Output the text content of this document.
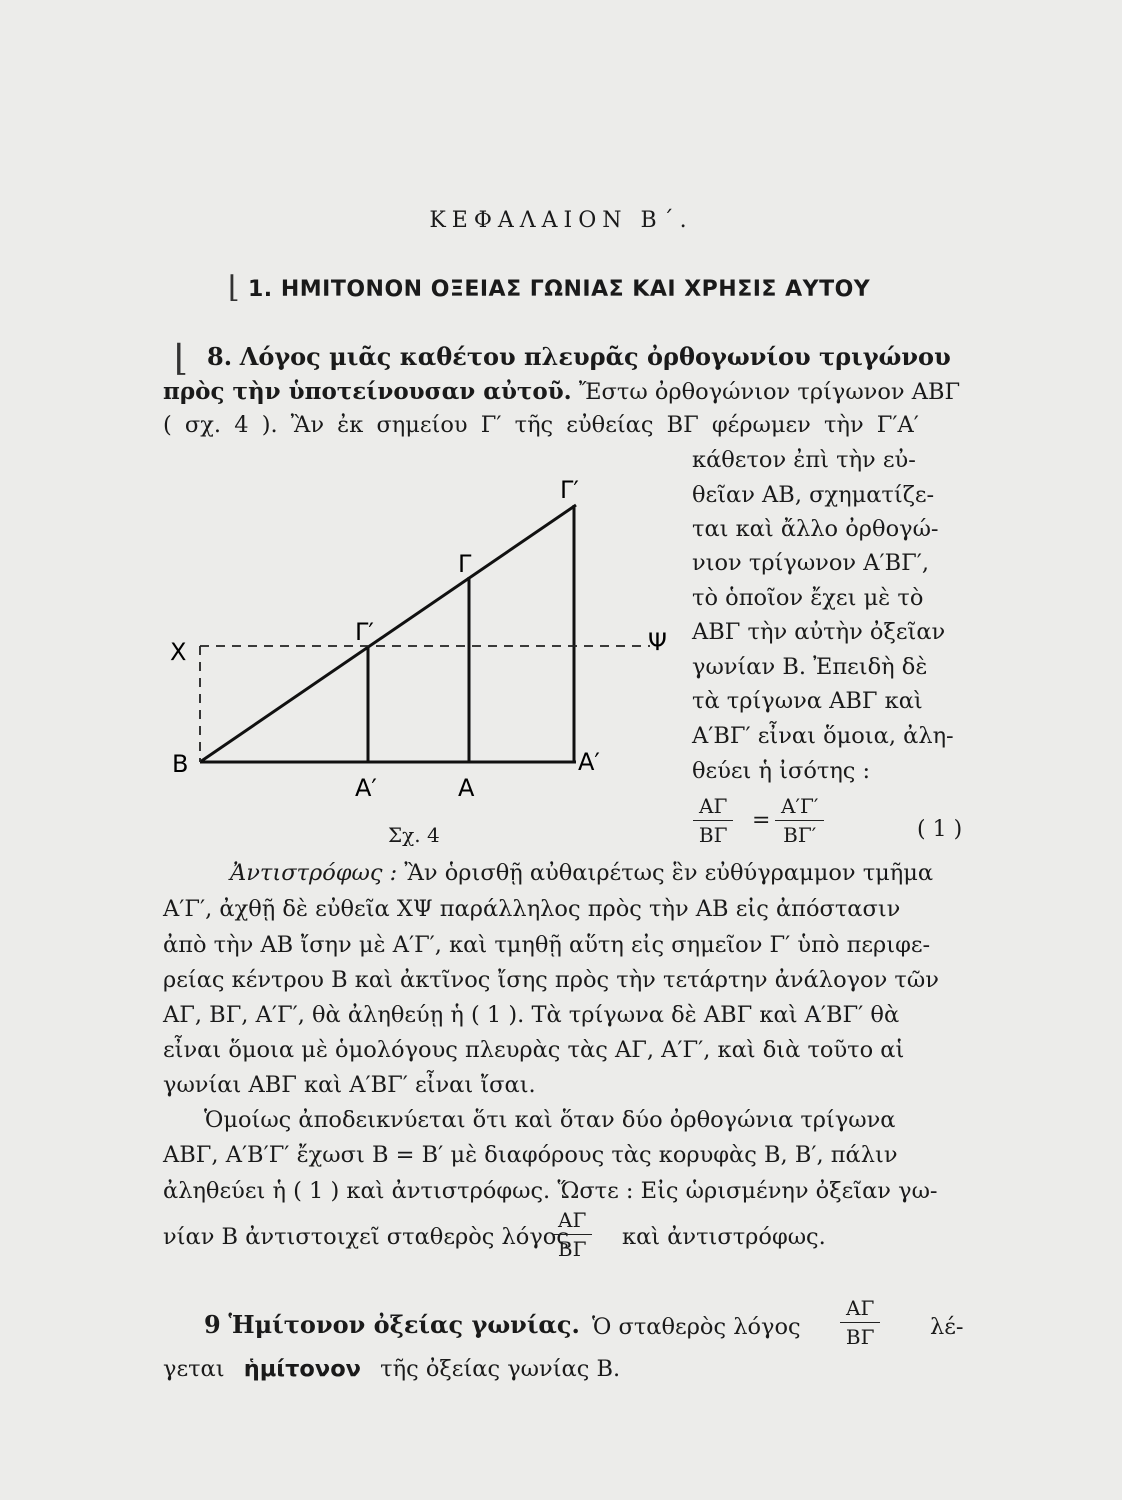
ΚΕΦΑΛΑΙΟΝ Β΄.
⌊ 1. ΗΜΙΤΟΝΟΝ ΟΞΕΙΑΣ ΓΩΝΙΑΣ ΚΑΙ ΧΡΗΣΙΣ ΑΥΤΟΥ
⌊ 8. Λόγος μιᾶς καθέτου πλευρᾶς ὀρθογωνίου τριγώνου
πρὸς τὴν ὑποτείνουσαν αὐτοῦ. Ἔστω ὀρθογώνιον τρίγωνον ΑΒΓ
( σχ. 4 ). Ἂν ἐκ σημείου Γ′ τῆς εὐθείας ΒΓ φέρωμεν τὴν Γ′Α′
κάθετον ἐπὶ τὴν εὐ-
θεῖαν ΑΒ, σχηματίζε-
ται καὶ ἄλλο ὀρθογώ-
νιον τρίγωνον Α′ΒΓ′,
τὸ ὁποῖον ἔχει μὲ τὸ
ΑΒΓ τὴν αὐτὴν ὀξεῖαν
γωνίαν Β. Ἐπειδὴ δὲ
τὰ τρίγωνα ΑΒΓ καὶ
Α′ΒΓ′ εἶναι ὅμοια, ἀλη-
θεύει ἡ ἰσότης :
$\frac{A\Gamma}{B\Gamma} = \frac{A'\Gamma'}{B\Gamma'}$	( 1 )
Β
Χ	Ψ
Α′	Α
Α′
Γ′
Γ
Γ′
Σχ. 4
Ἀντιστρόφως : Ἂν ὁρισθῇ αὐθαιρέτως ἓν εὐθύγραμμον τμῆμα
Α′Γ′, ἀχθῇ δὲ εὐθεῖα ΧΨ παράλληλος πρὸς τὴν ΑΒ εἰς ἀπόστασιν
ἀπὸ τὴν ΑΒ ἴσην μὲ Α′Γ′, καὶ τμηθῇ αὕτη εἰς σημεῖον Γ′ ὑπὸ περιφε-
ρείας κέντρου Β καὶ ἀκτῖνος ἴσης πρὸς τὴν τετάρτην ἀνάλογον τῶν
ΑΓ, ΒΓ, Α′Γ′, θὰ ἀληθεύῃ ἡ ( 1 ). Τὰ τρίγωνα δὲ ΑΒΓ καὶ Α′ΒΓ′ θὰ
εἶναι ὅμοια μὲ ὁμολόγους πλευρὰς τὰς ΑΓ, Α′Γ′, καὶ διὰ τοῦτο αἱ
γωνίαι ΑΒΓ καὶ Α′ΒΓ′ εἶναι ἴσαι.
Ὁμοίως ἀποδεικνύεται ὅτι καὶ ὅταν δύο ὀρθογώνια τρίγωνα
ΑΒΓ, Α′Β′Γ′ ἔχωσι Β = Β′ μὲ διαφόρους τὰς κορυφὰς Β, Β′, πάλιν
ἀληθεύει ἡ ( 1 ) καὶ ἀντιστρόφως. Ὥστε : Εἰς ὡρισμένην ὀξεῖαν γω-
νίαν Β ἀντιστοιχεῖ σταθερὸς λόγος
$\frac{A\Gamma}{B\Gamma}$ καὶ ἀντιστρόφως.
9 Ἡμίτονον ὀξείας γωνίας. Ὁ σταθερὸς λόγος $\frac{A\Gamma}{B\Gamma} \lambda έ-$
γεται ἡμίτονον τῆς ὀξείας γωνίας Β.
